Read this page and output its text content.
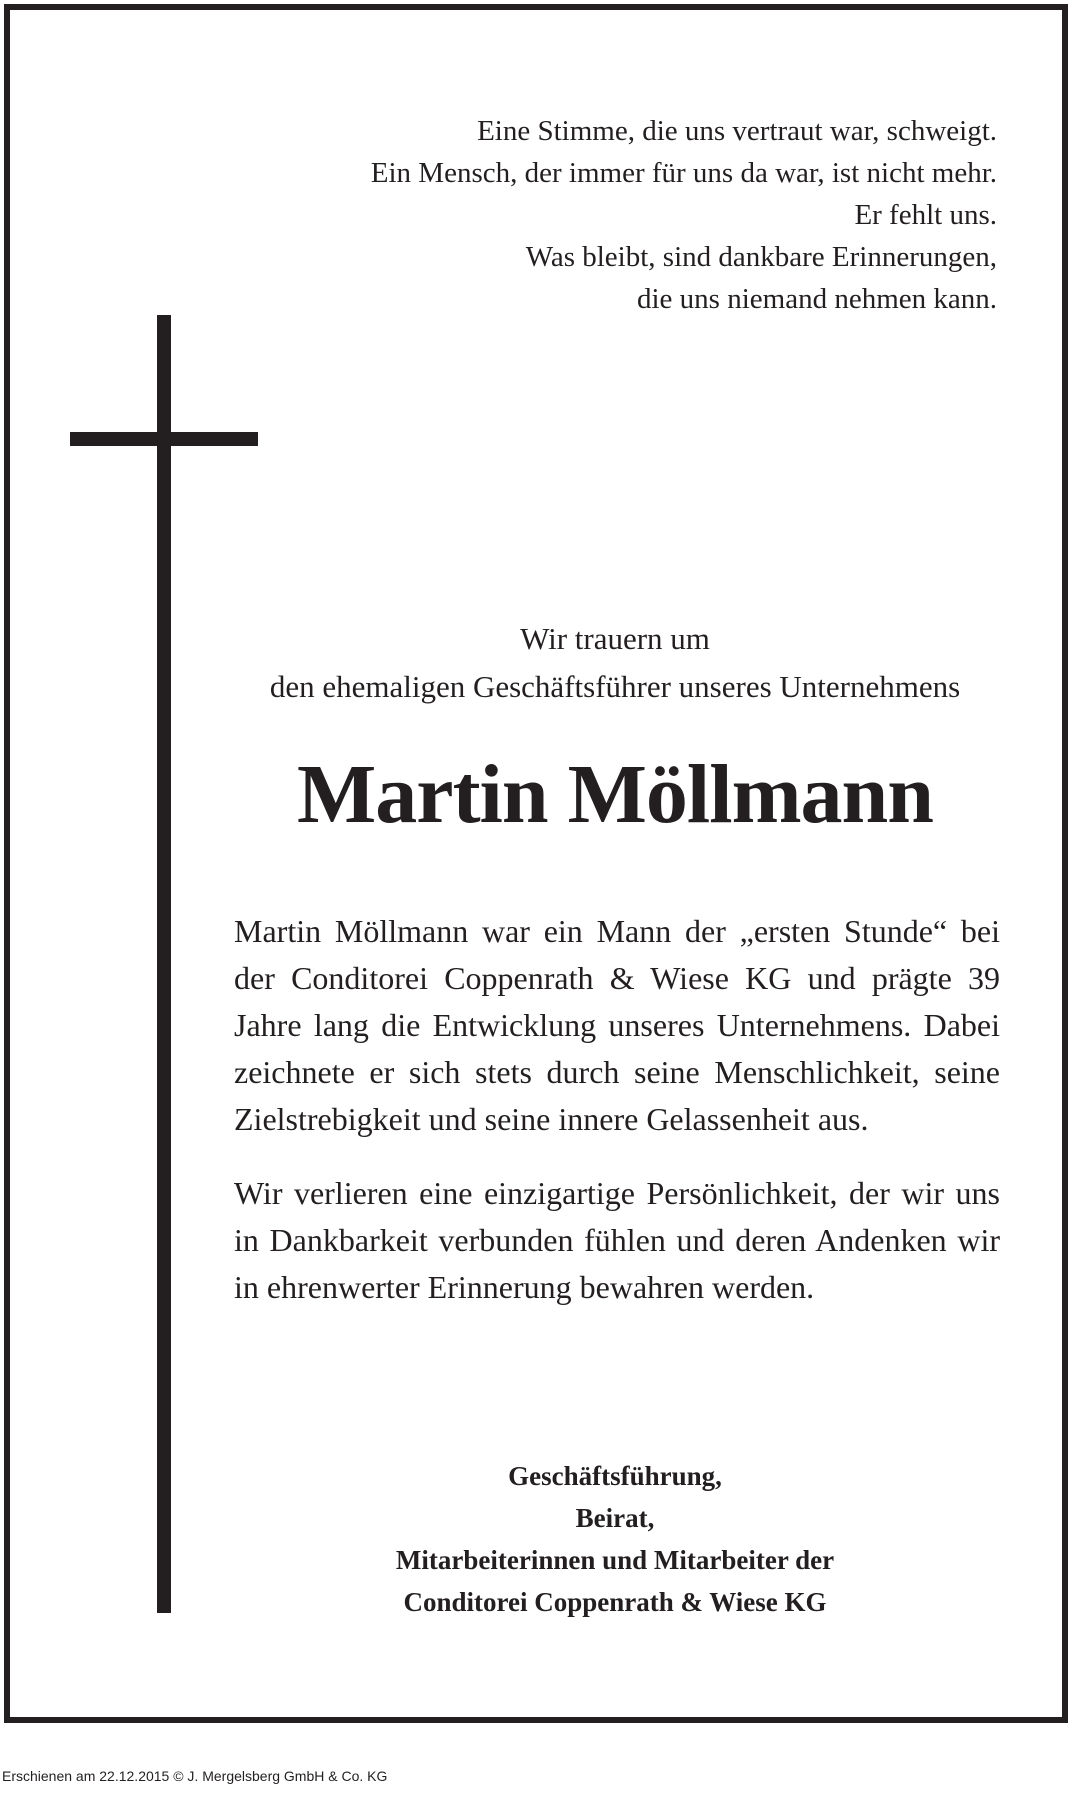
Eine Stimme, die uns vertraut war, schweigt.
Ein Mensch, der immer für uns da war, ist nicht mehr.
Er fehlt uns.
Was bleibt, sind dankbare Erinnerungen,
die uns niemand nehmen kann.
Wir trauern um
den ehemaligen Geschäftsführer unseres Unternehmens
Martin Möllmann
Martin Möllmann war ein Mann der „ersten Stunde“ bei der Conditorei Coppenrath & Wiese KG und prägte 39 Jahre lang die Entwicklung unseres Unternehmens. Dabei zeichnete er sich stets durch seine Menschlichkeit, seine Zielstrebigkeit und seine innere Gelassenheit aus.
Wir verlieren eine einzigartige Persönlichkeit, der wir uns in Dankbarkeit verbunden fühlen und deren Andenken wir in ehrenwerter Erinnerung bewahren werden.
Geschäftsführung,
Beirat,
Mitarbeiterinnen und Mitarbeiter der
Conditorei Coppenrath & Wiese KG
Erschienen am 22.12.2015 © J. Mergelsberg GmbH & Co. KG
